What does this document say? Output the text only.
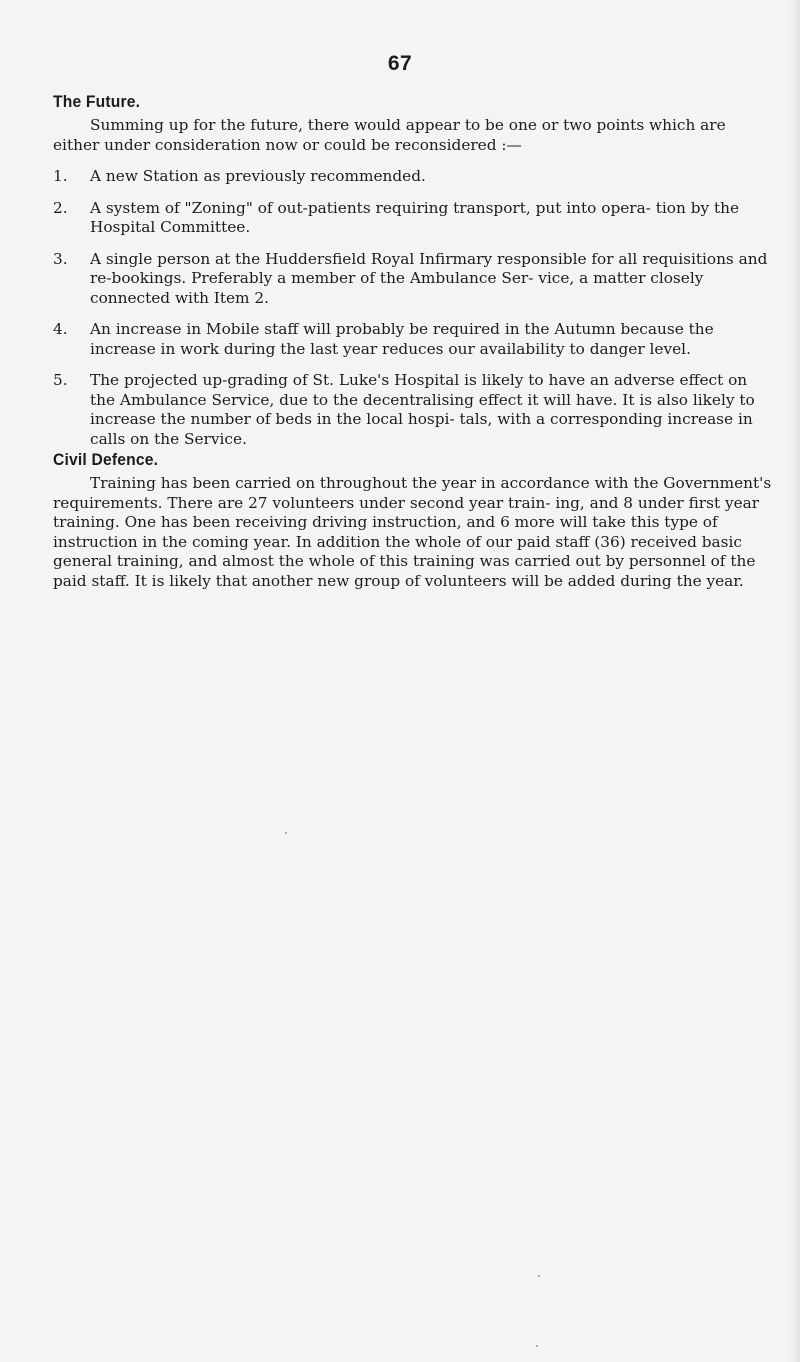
67
The Future.

Summing up for the future, there would appear to be one or two points which are either under consideration now or could be reconsidered :—

1. A new Station as previously recommended.
2. A system of "Zoning" of out-patients requiring transport, put into opera- tion by the Hospital Committee.
3. A single person at the Huddersfield Royal Infirmary responsible for all requisitions and re-bookings. Preferably a member of the Ambulance Ser- vice, a matter closely connected with Item 2.
4. An increase in Mobile staff will probably be required in the Autumn because the increase in work during the last year reduces our availability to danger level.
5. The projected up-grading of St. Luke's Hospital is likely to have an adverse effect on the Ambulance Service, due to the decentralising effect it will have. It is also likely to increase the number of beds in the local hospi- tals, with a corresponding increase in calls on the Service.
Civil Defence.

Training has been carried on throughout the year in accordance with the Government's requirements. There are 27 volunteers under second year train- ing, and 8 under first year training. One has been receiving driving instruction, and 6 more will take this type of instruction in the coming year. In addition the whole of our paid staff (36) received basic general training, and almost the whole of this training was carried out by personnel of the paid staff. It is likely that another new group of volunteers will be added during the year.
